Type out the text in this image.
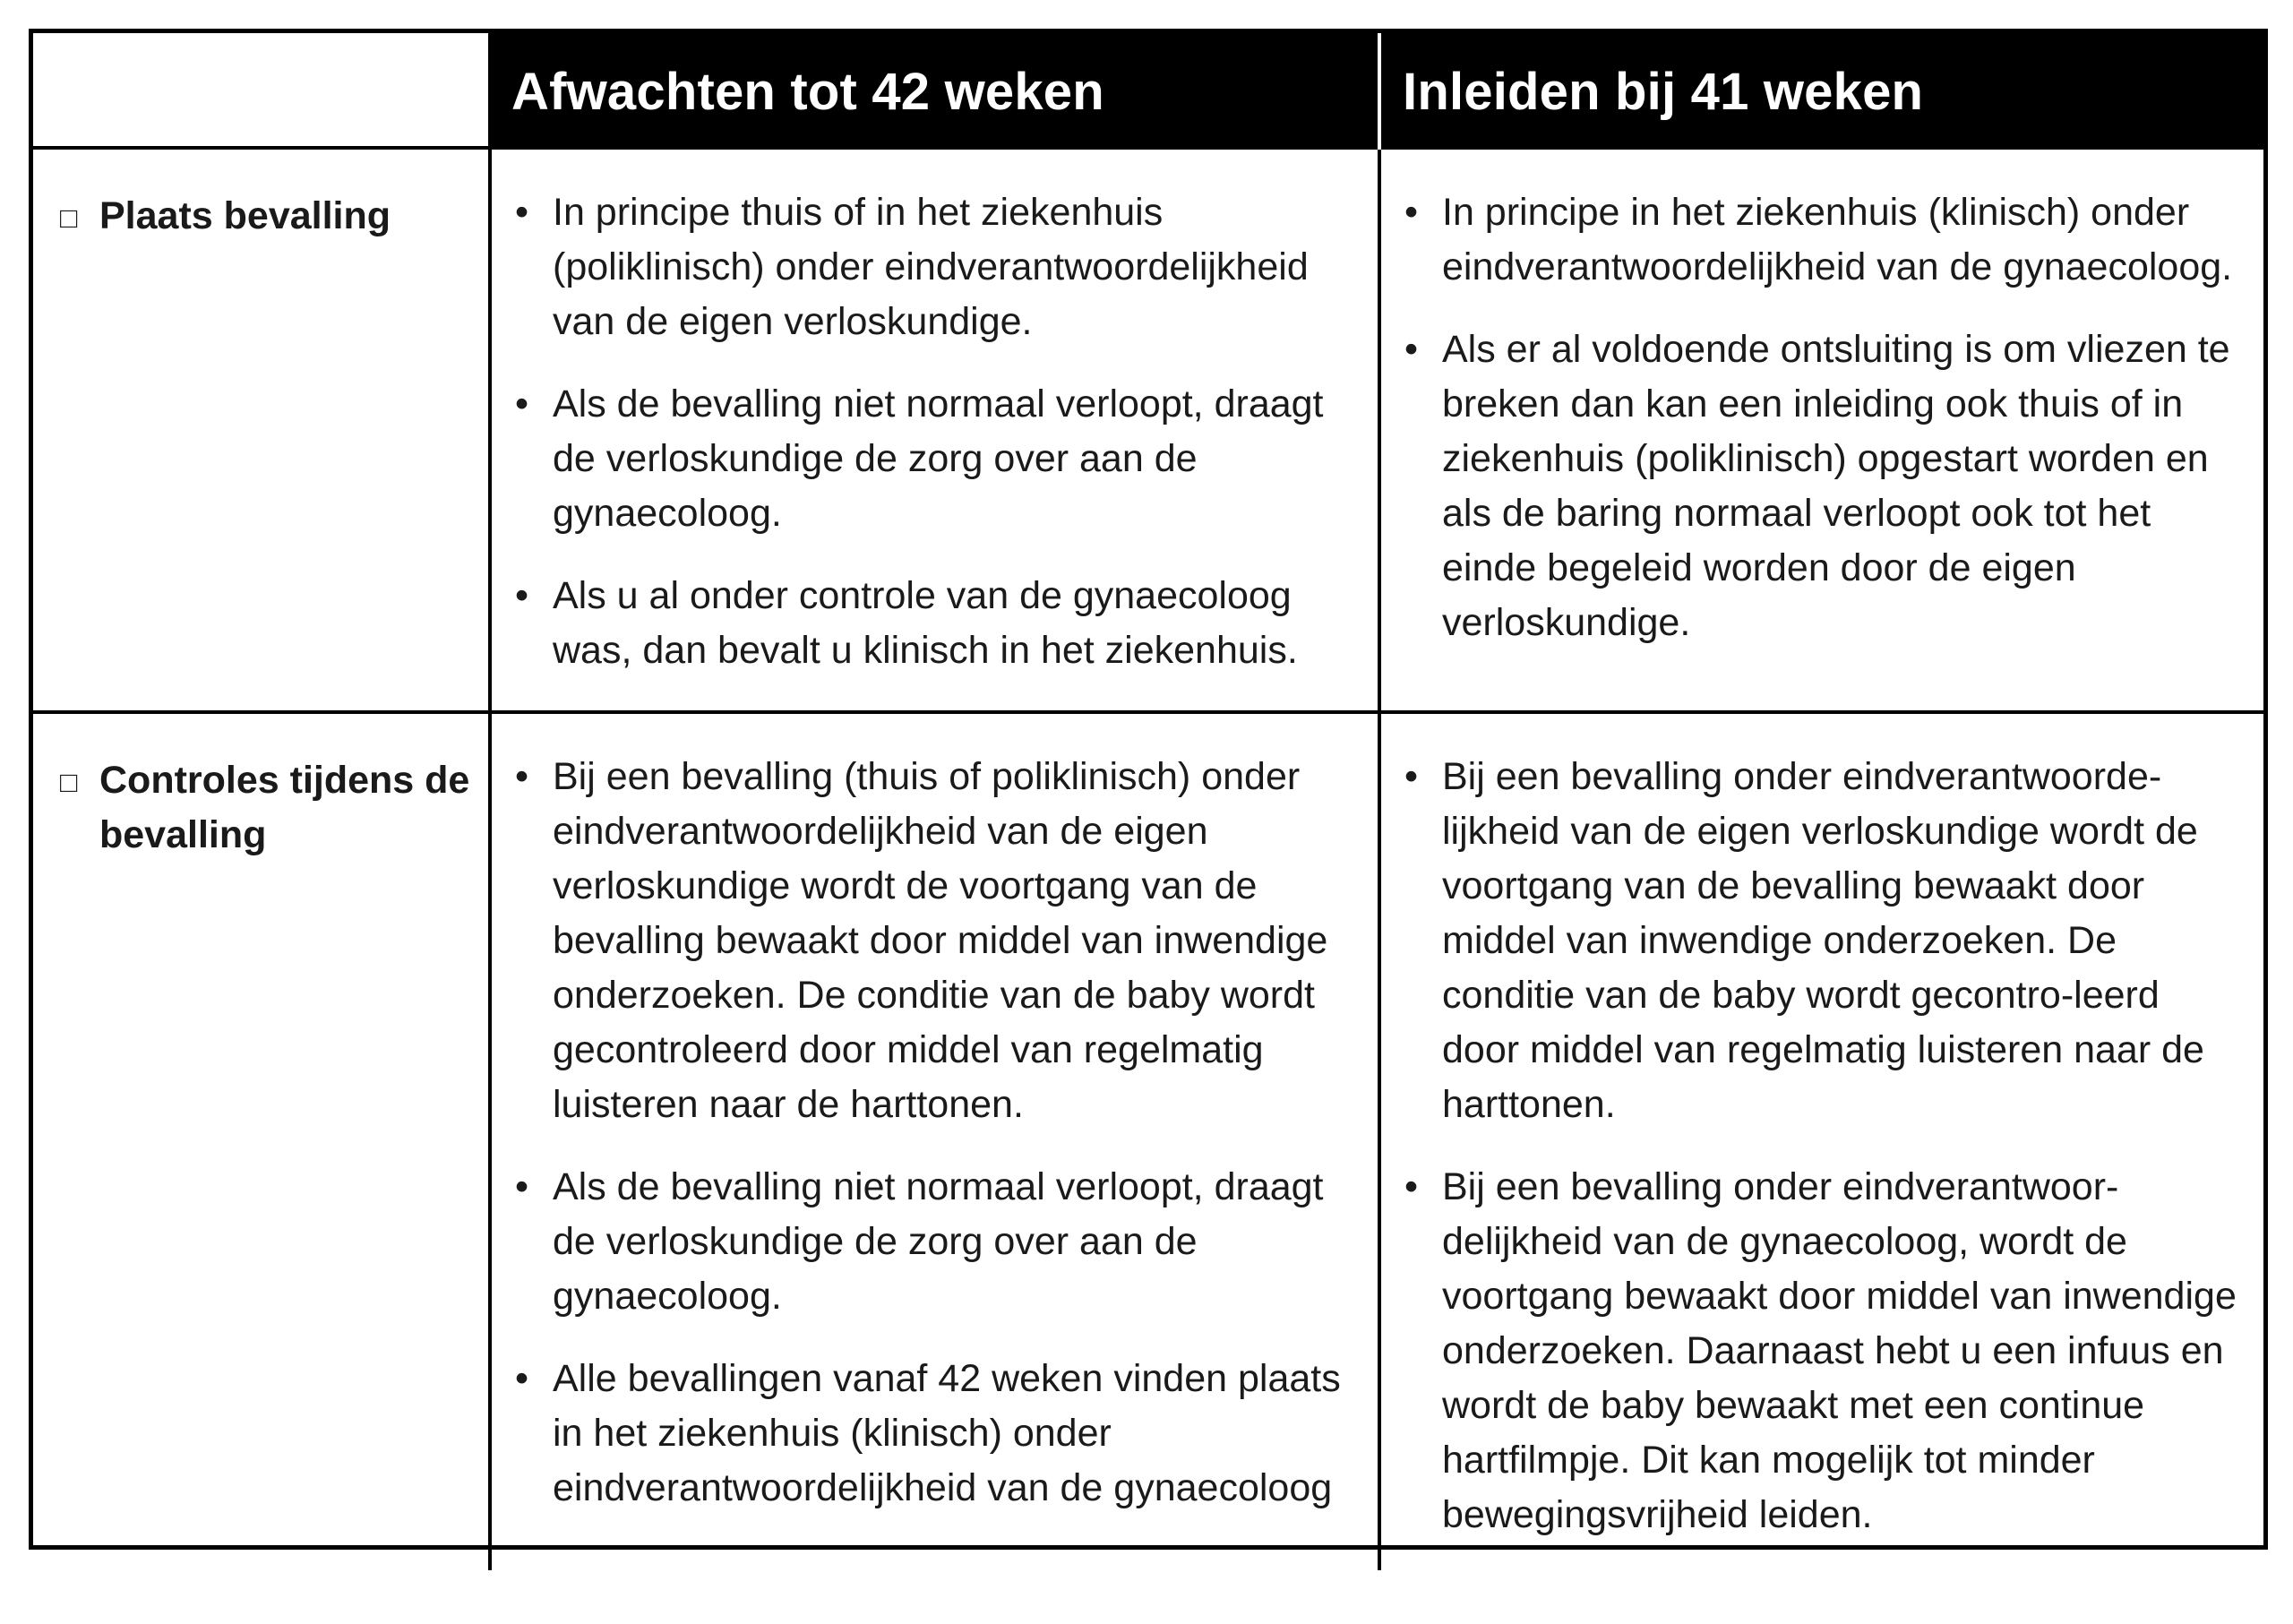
Afwachten tot 42 weken	Inleiden bij 41 weken
□ Plaats bevalling	• In principe thuis of in het ziekenhuis (poliklinisch) onder eindverantwoordelijkheid van de eigen verloskundige.
• Als de bevalling niet normaal verloopt, draagt de verloskundige de zorg over aan de gynaecoloog.
• Als u al onder controle van de gynaecoloog was, dan bevalt u klinisch in het ziekenhuis.
• In principe in het ziekenhuis (klinisch) onder eindverantwoordelijkheid van de gynaecoloog.
• Als er al voldoende ontsluiting is om vliezen te breken dan kan een inleiding ook thuis of in ziekenhuis (poliklinisch) opgestart worden en als de baring normaal verloopt ook tot het einde begeleid worden door de eigen verloskundige.
□ Controles tijdens de bevalling
• Bij een bevalling (thuis of poliklinisch) onder eindverantwoordelijkheid van de eigen verloskundige wordt de voortgang van de bevalling bewaakt door middel van inwendige onderzoeken. De conditie van de baby wordt gecontroleerd door middel van regelmatig luisteren naar de harttonen.
• Als de bevalling niet normaal verloopt, draagt de verloskundige de zorg over aan de gynaecoloog.
• Alle bevallingen vanaf 42 weken vinden plaats in het ziekenhuis (klinisch) onder eindverantwoordelijkheid van de gynaecoloog
• Bij een bevalling onder eindverantwoorde-lijkheid van de eigen verloskundige wordt de voortgang van de bevalling bewaakt door middel van inwendige onderzoeken. De conditie van de baby wordt gecontro-leerd door middel van regelmatig luisteren naar de harttonen.
• Bij een bevalling onder eindverantwoor-delijkheid van de gynaecoloog, wordt de voortgang bewaakt door middel van inwendige onderzoeken. Daarnaast hebt u een infuus en wordt de baby bewaakt met een continue hartfilmpje. Dit kan mogelijk tot minder bewegingsvrijheid leiden.
